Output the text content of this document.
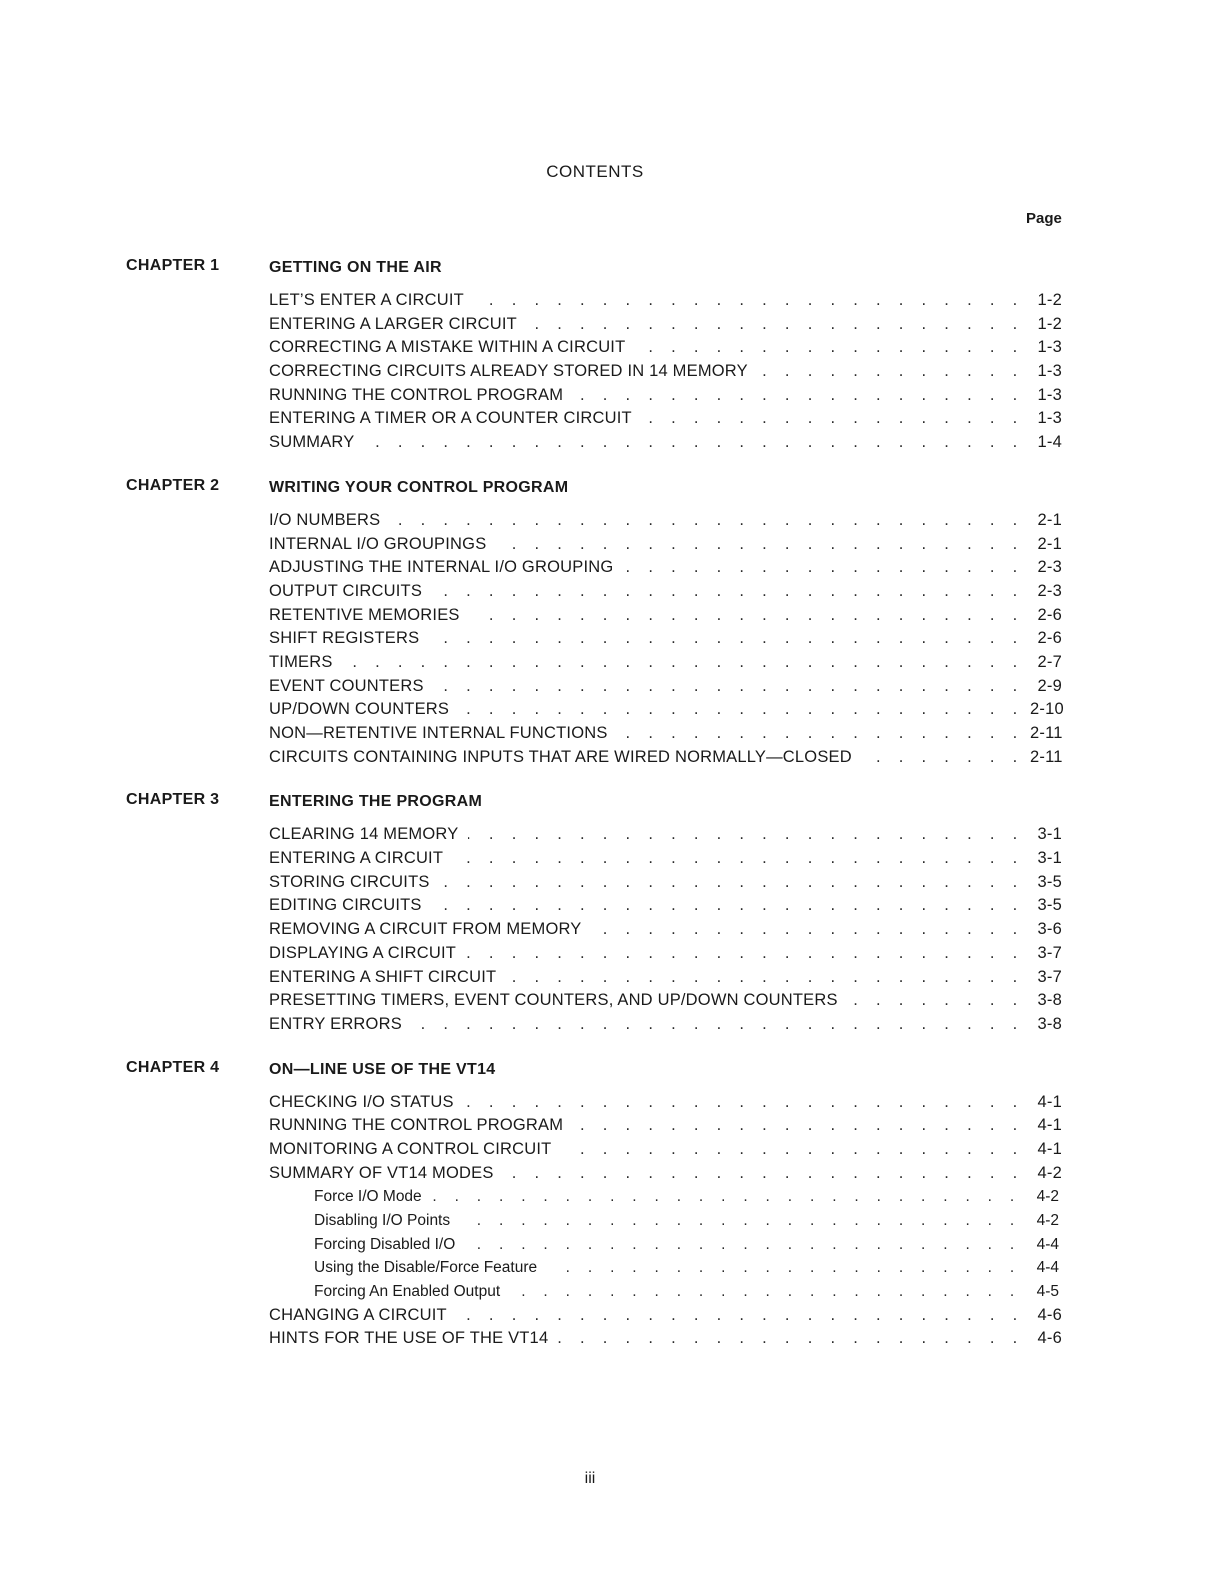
CONTENTS
Page
CHAPTER 1	GETTING ON THE AIR
LET’S ENTER A CIRCUIT . . .	1-2
ENTERING A LARGER CIRCUIT . . .	1-2
CORRECTING A MISTAKE WITHIN A CIRCUIT . . .	1-3
CORRECTING CIRCUITS ALREADY STORED IN 14 MEMORY . . .	1-3
RUNNING THE CONTROL PROGRAM . . .	1-3
ENTERING A TIMER OR A COUNTER CIRCUIT . . .	1-3
SUMMARY . . .	1-4
CHAPTER 2	WRITING YOUR CONTROL PROGRAM
I/O NUMBERS . . .	2-1
INTERNAL I/O GROUPINGS . . .	2-1
ADJUSTING THE INTERNAL I/O GROUPING . . .	2-3
OUTPUT CIRCUITS . . .	2-3
RETENTIVE MEMORIES . . .	2-6
SHIFT REGISTERS . . .	2-6
TIMERS . . .	2-7
EVENT COUNTERS . . .	2-9
UP/DOWN COUNTERS . . .	2-10
NON—RETENTIVE INTERNAL FUNCTIONS . . .	2-11
CIRCUITS CONTAINING INPUTS THAT ARE WIRED NORMALLY—CLOSED . . .	2-11
CHAPTER 3	ENTERING THE PROGRAM
CLEARING 14 MEMORY . . .	3-1
ENTERING A CIRCUIT . . .	3-1
STORING CIRCUITS . . .	3-5
EDITING CIRCUITS . . .	3-5
REMOVING A CIRCUIT FROM MEMORY . . .	3-6
DISPLAYING A CIRCUIT . . .	3-7
ENTERING A SHIFT CIRCUIT . . .	3-7
PRESETTING TIMERS, EVENT COUNTERS, AND UP/DOWN COUNTERS . . .	3-8
ENTRY ERRORS . . .	3-8
CHAPTER 4	ON—LINE USE OF THE VT14
CHECKING I/O STATUS . . .	4-1
RUNNING THE CONTROL PROGRAM . . .	4-1
MONITORING A CONTROL CIRCUIT . . .	4-1
SUMMARY OF VT14 MODES . . .	4-2
Force I/O Mode . . .	4-2
Disabling I/O Points . . .	4-2
Forcing Disabled I/O . . .	4-4
Using the Disable/Force Feature . . .	4-4
Forcing An Enabled Output . . .	4-5
CHANGING A CIRCUIT . . .	4-6
HINTS FOR THE USE OF THE VT14 . . .	4-6
iii
